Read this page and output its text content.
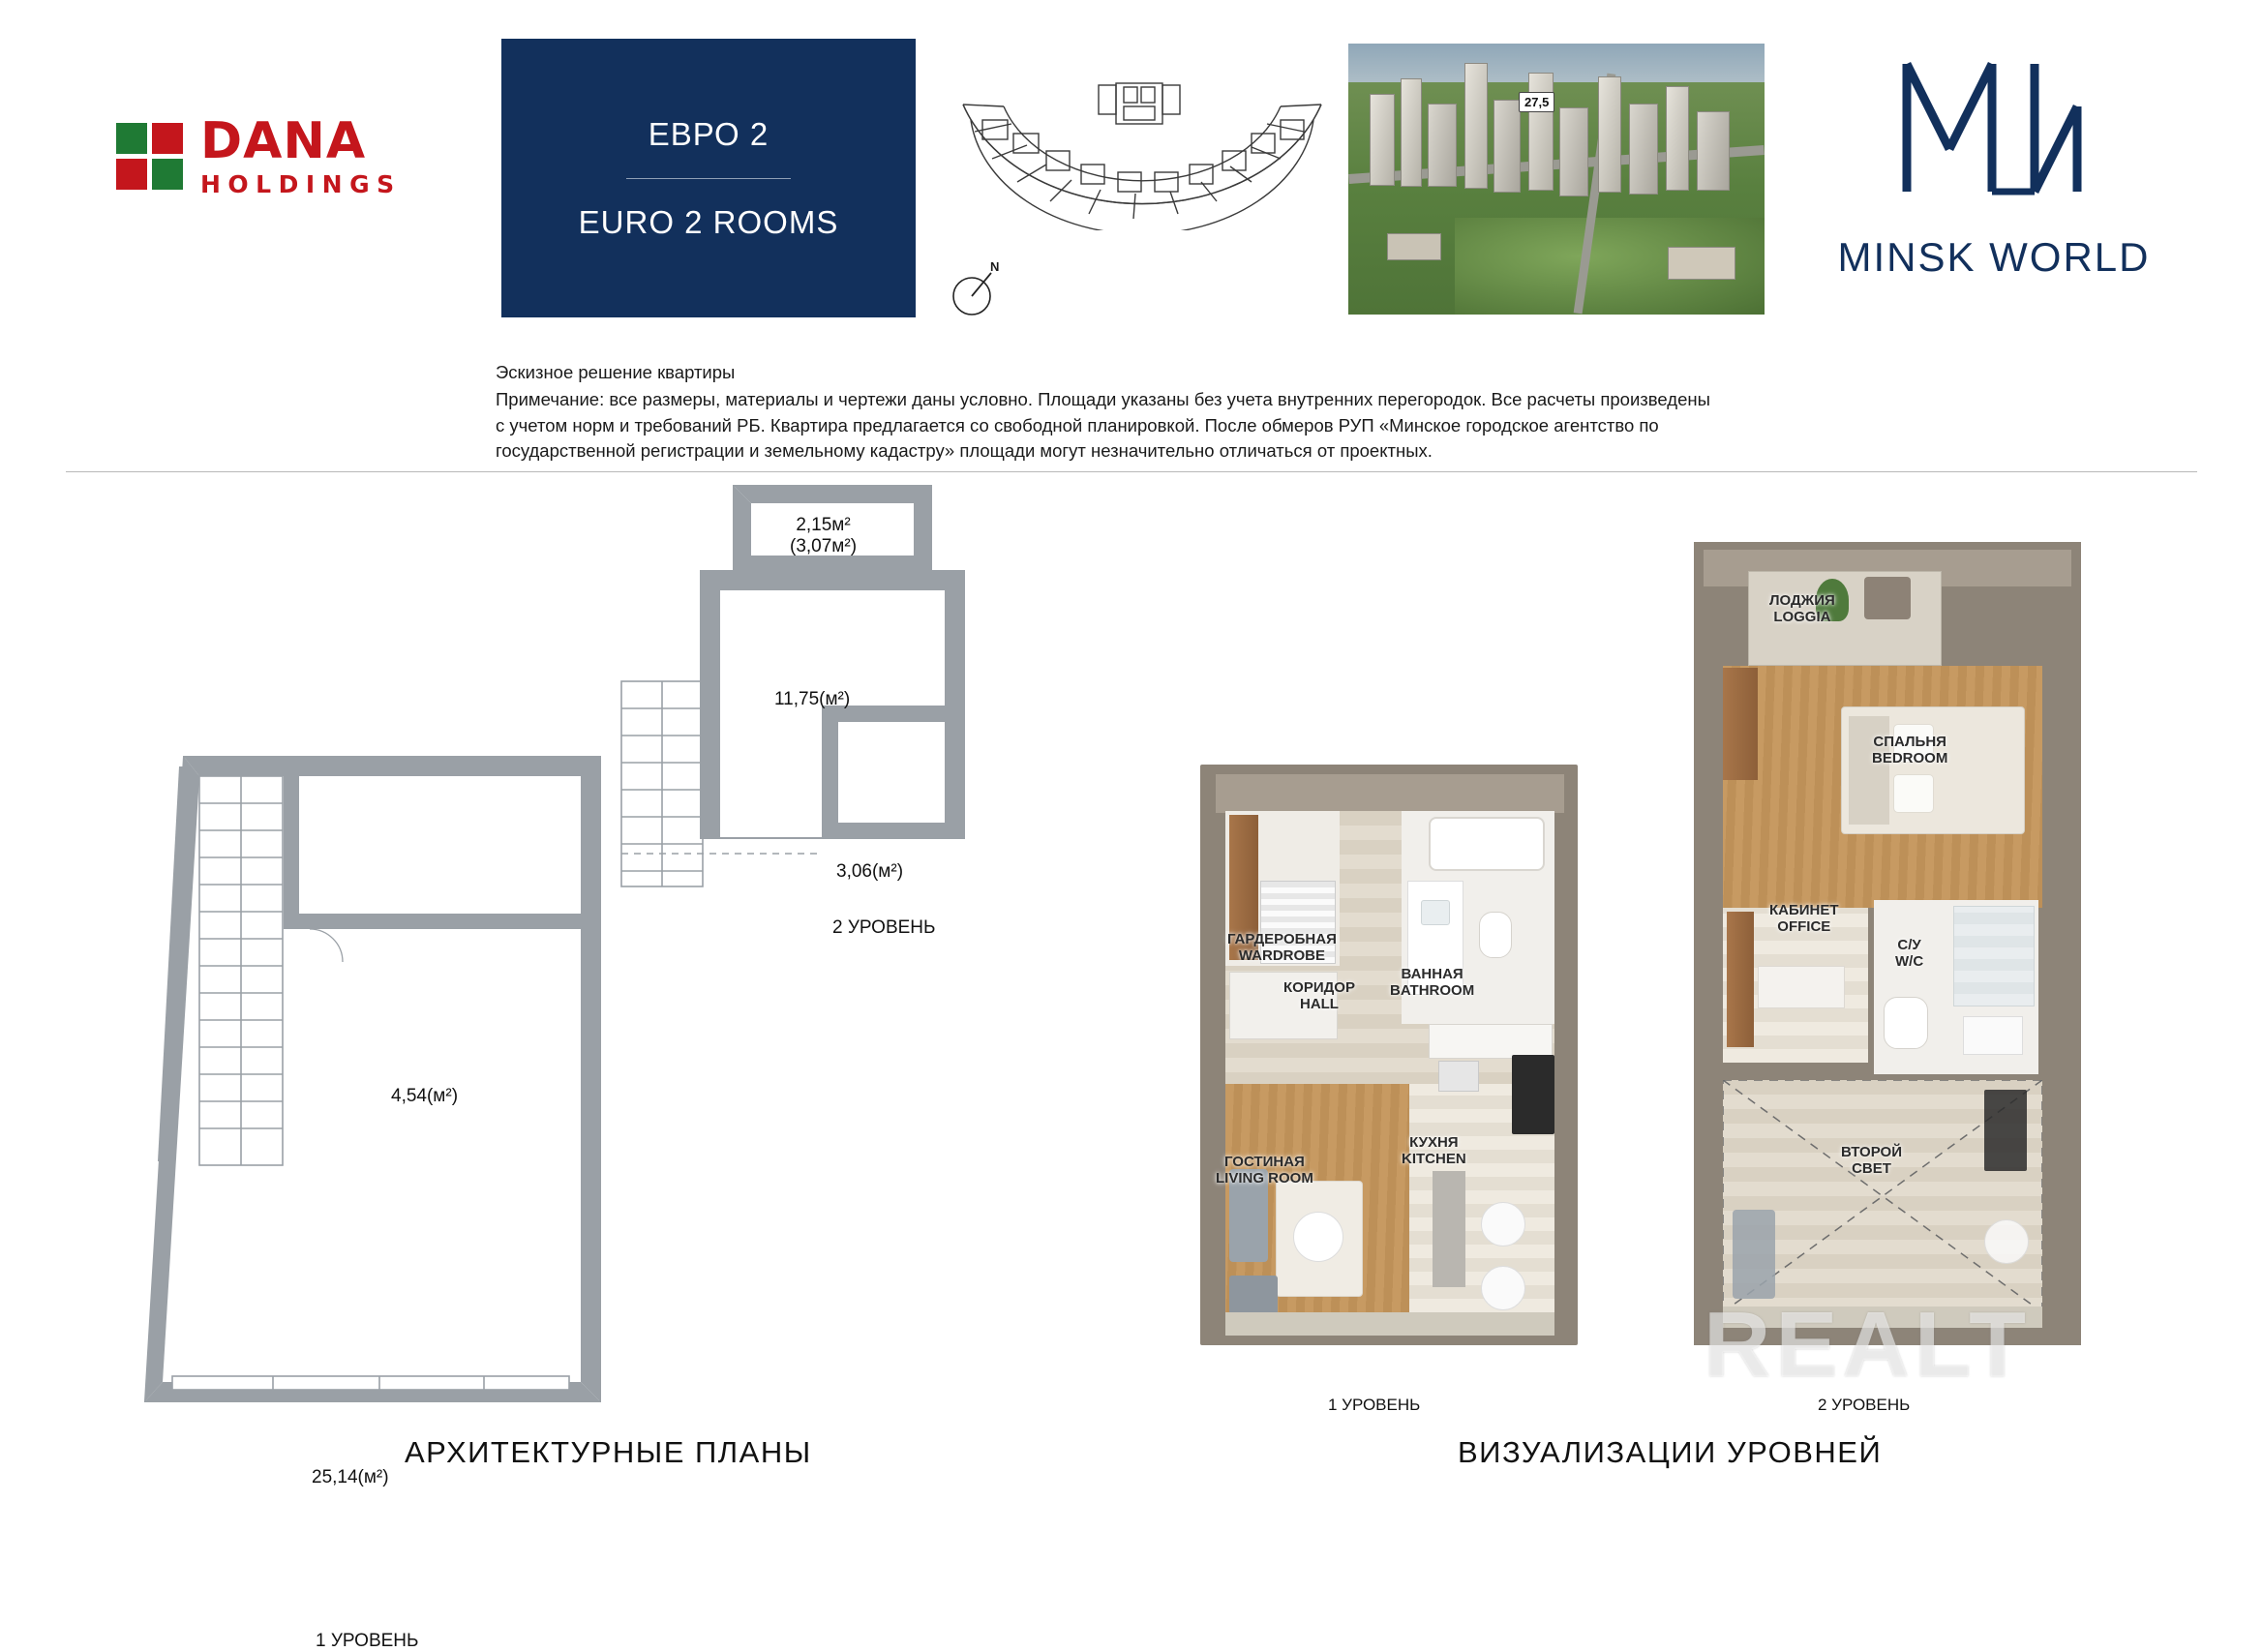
DANA
HOLDINGS
ЕВРО 2
EURO 2 ROOMS
N
27,5
MINSK WORLD
Эскизное решение квартиры
Примечание: все размеры, материалы и чертежи даны условно. Площади указаны без учета внутренних перегородок. Все расчеты произведены
с учетом норм и требований РБ. Квартира предлагается со свободной планировкой. После обмеров РУП «Минское городское агентство по
государственной регистрации и земельному кадастру» площади могут незначительно отличаться от проектных.
4,54(м²)
25,14(м²)
1 УРОВЕНЬ
2,15м²
(3,07м²)
11,75(м²)
3,06(м²)
2 УРОВЕНЬ
АРХИТЕКТУРНЫЕ ПЛАНЫ
ГАРДЕРОБНАЯ
WARDROBE
КОРИДОР
HALL
ВАННАЯ
BATHROOM
КУХНЯ
KITCHEN
ГОСТИНАЯ
LIVING ROOM
1 УРОВЕНЬ
ЛОДЖИЯ
LOGGIA
СПАЛЬНЯ
BEDROOM
КАБИНЕТ
OFFICE
С/У
W/C
ВТОРОЙ
СВЕТ
2 УРОВЕНЬ
ВИЗУАЛИЗАЦИИ УРОВНЕЙ
REALT
